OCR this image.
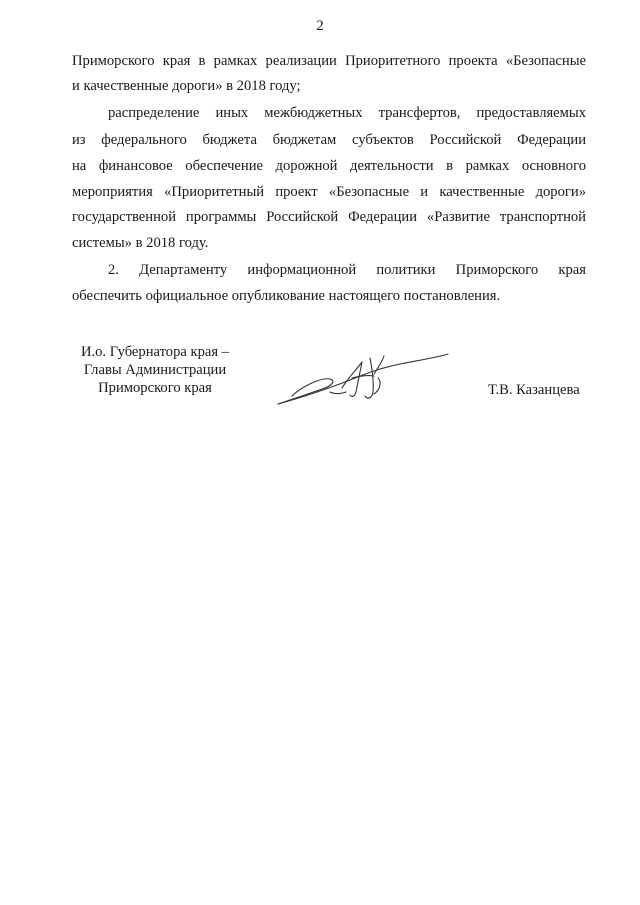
2
Приморского края в рамках реализации Приоритетного проекта «Безопасные
и качественные дороги» в 2018 году;
распределение иных межбюджетных трансфертов, предоставляемых
из федерального бюджета бюджетам субъектов Российской Федерации
на финансовое обеспечение дорожной деятельности в рамках основного
мероприятия «Приоритетный проект «Безопасные и качественные дороги»
государственной программы Российской Федерации «Развитие транспортной
системы» в 2018 году.
2. Департаменту информационной политики Приморского края
обеспечить официальное опубликование настоящего постановления.
И.о. Губернатора края –
Главы Администрации
Приморского края	Т.В. Казанцева
